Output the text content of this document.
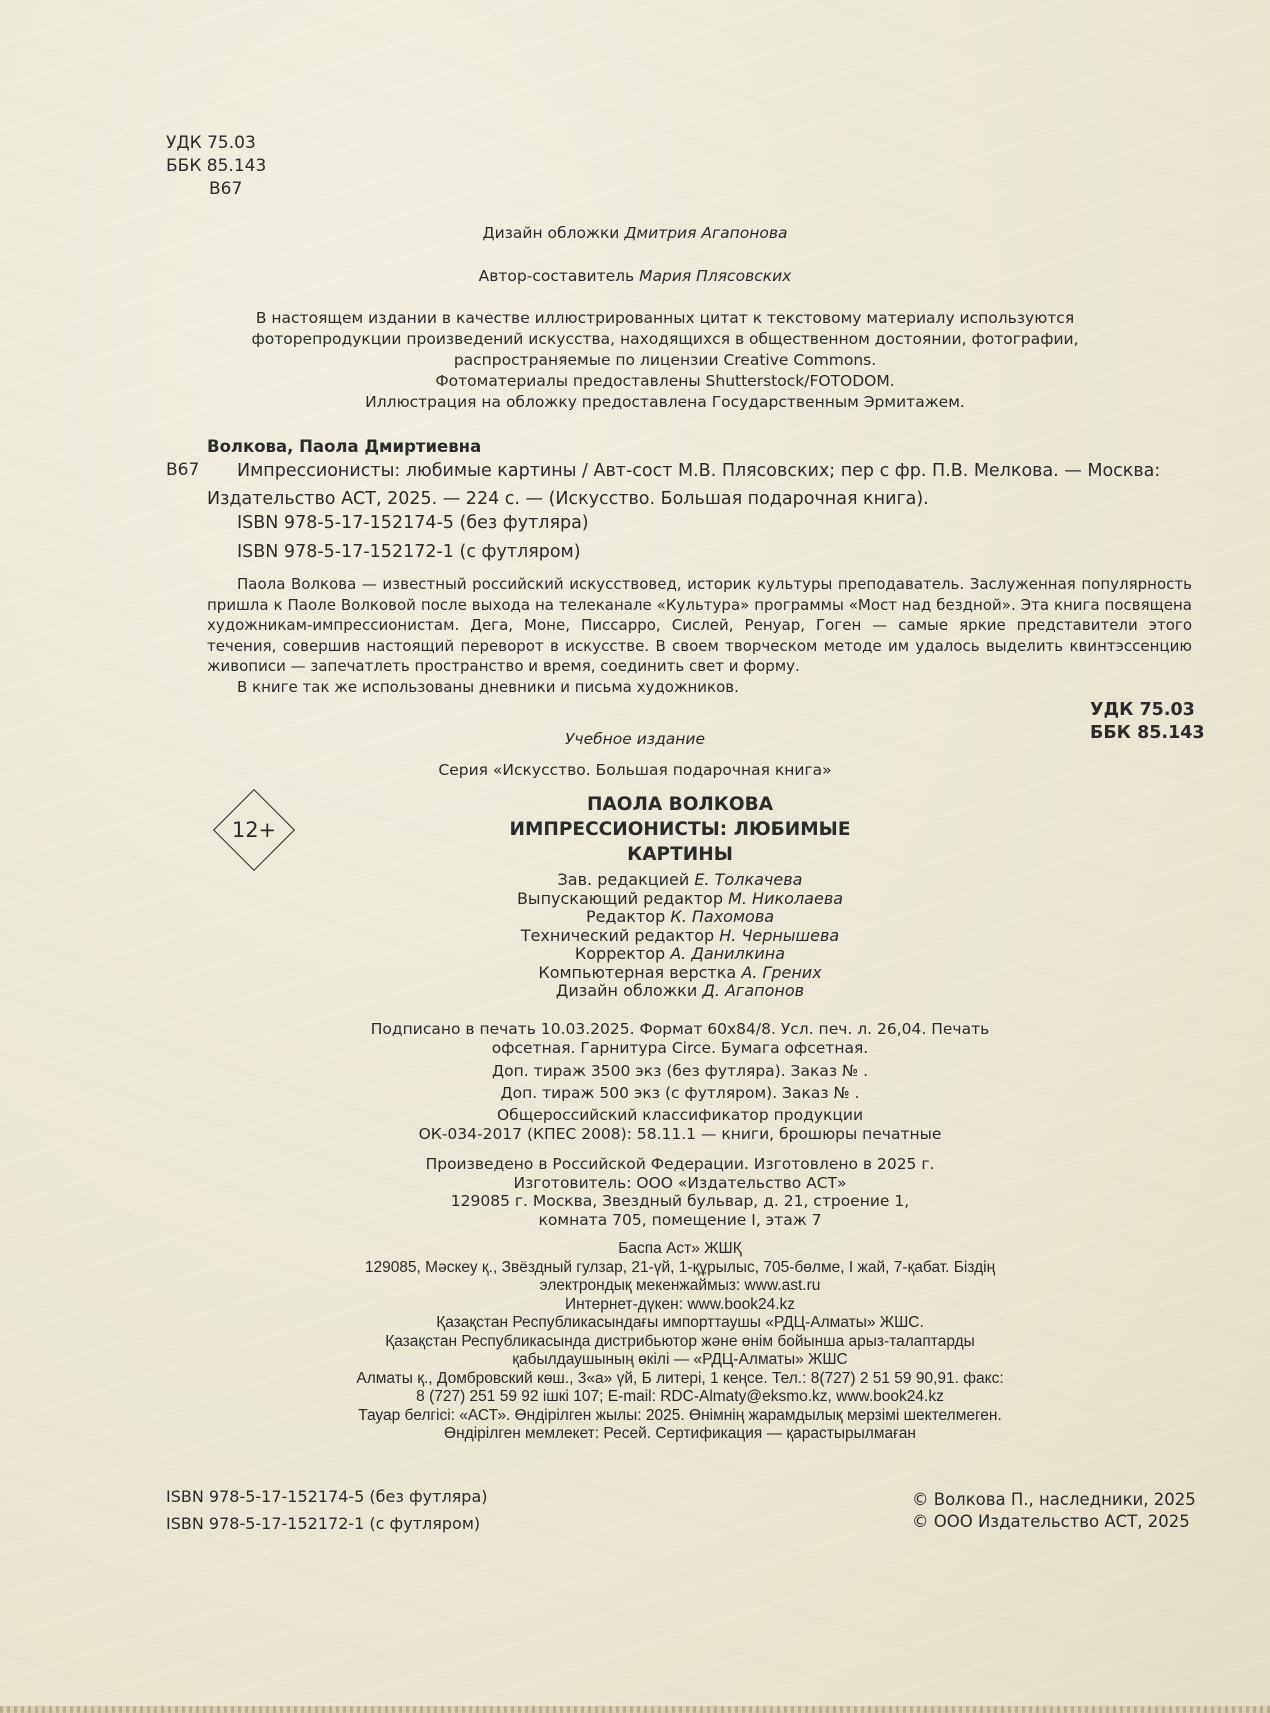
УДК 75.03
ББК 85.143
В67
Дизайн обложки Дмитрия Агапонова
Автор-составитель Мария Плясовских
В настоящем издании в качестве иллюстрированных цитат к текстовому материалу используются
фоторепродукции произведений искусства, находящихся в общественном достоянии, фотографии,
распространяемые по лицензии Creative Commons.
Фотоматериалы предоставлены Shutterstock/FOTODOM.
Иллюстрация на обложку предоставлена Государственным Эрмитажем.
Волкова, Паола Дмиртиевна
В67	Импрессионисты: любимые картины / Авт-сост М.В. Плясовских; пер с фр. П.В. Мелкова. — Москва: Издательство АСТ, 2025. — 224 с. — (Искусство. Большая подарочная книга).
ISBN 978-5-17-152174-5 (без футляра)
ISBN 978-5-17-152172-1 (с футляром)

Паола Волкова — известный российский искусствовед, историк культуры преподаватель. Заслуженная популярность пришла к Паоле Волковой после выхода на телеканале «Культура» программы «Мост над бездной». Эта книга посвящена художникам-импрессионистам. Дега, Моне, Писсарро, Сислей, Ренуар, Гоген — самые яркие представители этого течения, совершив настоящий переворот в искусстве. В своем творческом методе им удалось выделить квинтэссенцию живописи — запечатлеть пространство и время, соединить свет и форму.

В книге так же использованы дневники и письма художников.

УДК 75.03
ББК 85.143
Учебное издание
Серия «Искусство. Большая подарочная книга»
12+
ПАОЛА ВОЛКОВА
ИМПРЕССИОНИСТЫ: ЛЮБИМЫЕ
КАРТИНЫ
Зав. редакцией Е. Толкачева
Выпускающий редактор М. Николаева
Редактор К. Пахомова
Технический редактор Н. Чернышева
Корректор А. Данилкина
Компьютерная верстка А. Грених
Дизайн обложки Д. Агапонов
Подписано в печать 10.03.2025. Формат 60x84/8. Усл. печ. л. 26,04. Печать
офсетная. Гарнитура Circe. Бумага офсетная.
Доп. тираж 3500 экз (без футляра). Заказ № .
Доп. тираж 500 экз (с футляром). Заказ № .
Общероссийский классификатор продукции
ОК-034-2017 (КПЕС 2008): 58.11.1 — книги, брошюры печатные
Произведено в Российской Федерации. Изготовлено в 2025 г.
Изготовитель: ООО «Издательство АСТ»
129085 г. Москва, Звездный бульвар, д. 21, строение 1,
комната 705, помещение I, этаж 7
Баспа Аст» ЖШҚ
129085, Мәскеу қ., Звёздный гулзар, 21-үй, 1-құрылыс, 705-бөлме, I жай, 7-қабат. Біздің
электрондық мекенжаймыз: www.ast.ru
Интернет-дүкен: www.book24.kz
Қазақстан Республикасындағы импорттаушы «РДЦ-Алматы» ЖШС.
Қазақстан Республикасында дистрибьютор және өнім бойынша арыз-талаптарды
қабылдаушының өкілі — «РДЦ-Алматы» ЖШС
Алматы қ., Домбровский көш., 3«а» үй, Б литері, 1 кеңсе. Тел.: 8(727) 2 51 59 90,91. факс:
8 (727) 251 59 92 ішкі 107; E-mail: RDC-Almaty@eksmo.kz, www.book24.kz
Тауар белгісі: «АСТ». Өндірілген жылы: 2025. Өнімнің жарамдылық мерзімі шектелмеген.
Өндірілген мемлекет: Ресей. Сертификация — қарастырылмаған
ISBN 978-5-17-152174-5 (без футляра)
ISBN 978-5-17-152172-1 (с футляром)
© Волкова П., наследники, 2025
© ООО Издательство АСТ, 2025
